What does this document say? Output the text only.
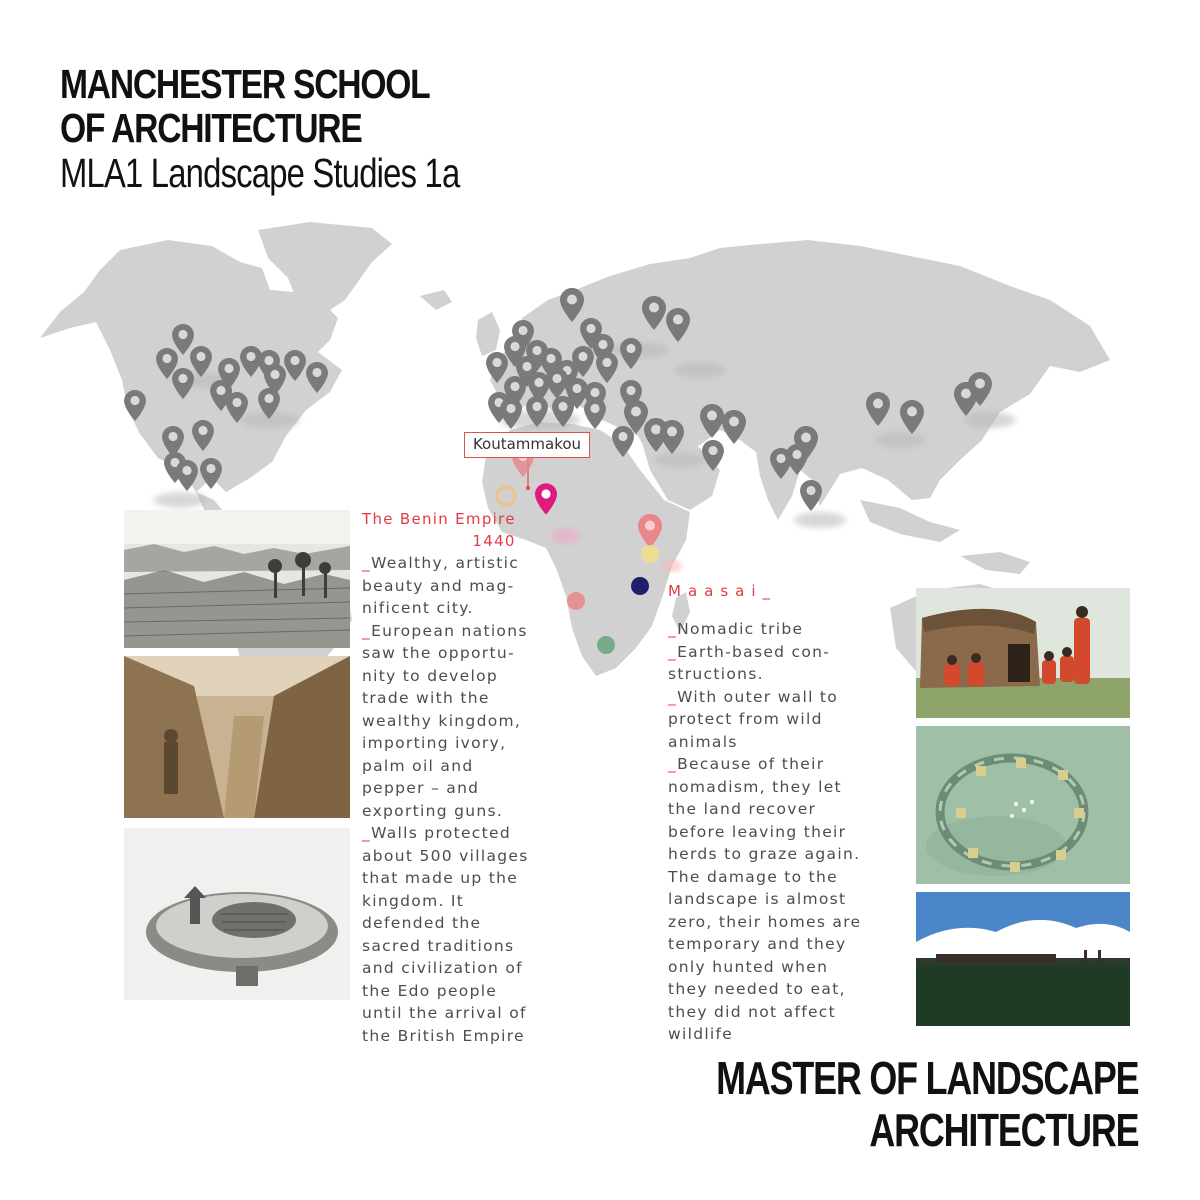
MANCHESTER SCHOOL
OF ARCHITECTURE
MLA1 Landscape Studies 1a
Koutammakou
The Benin Empire
1440
_Wealthy, artistic
beauty and mag-
nificent city.
_European nations
saw the opportu-
nity to develop
trade with the
wealthy kingdom,
importing ivory,
palm oil and
pepper – and
exporting guns.
_Walls protected
about 500 villages
that made up the
kingdom. It
defended the
sacred traditions
and civilization of
the Edo people
until the arrival of
the British Empire
Maasai_
_Nomadic tribe
_Earth-based con-
structions.
_With outer wall to
protect from wild
animals
_Because of their
nomadism, they let
the land recover
before leaving their
herds to graze again.
The damage to the
landscape is almost
zero, their homes are
temporary and they
only hunted when
they needed to eat,
they did not affect
wildlife
MASTER OF LANDSCAPE
ARCHITECTURE
